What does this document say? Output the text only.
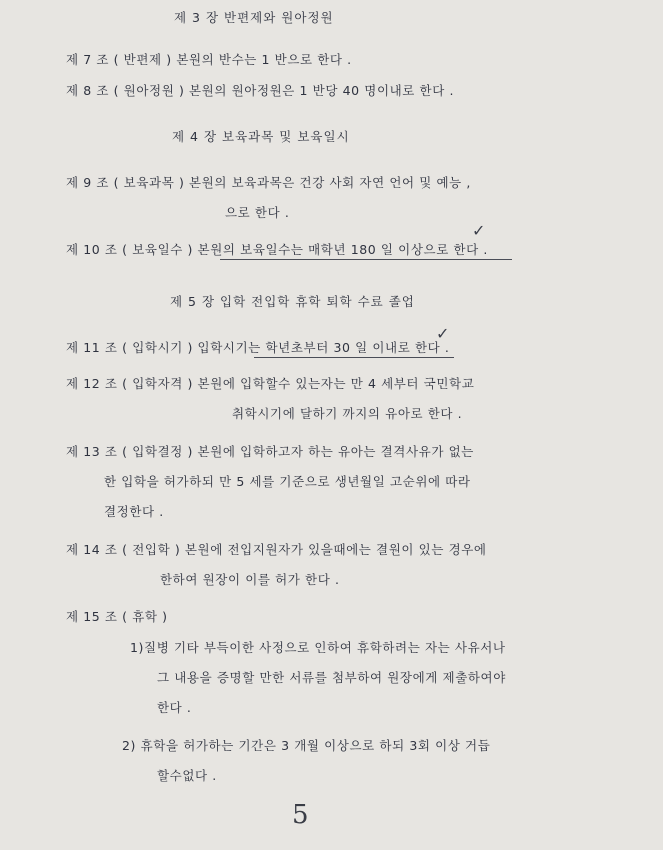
제 3 장 반편제와 원아정원
제 7 조 ( 반편제 ) 본원의 반수는 1 반으로 한다 .
제 8 조 ( 원아정원 ) 본원의 원아정원은 1 반당 40 명이내로 한다 .
제 4 장 보육과목 및 보육일시
제 9 조 ( 보육과목 ) 본원의 보육과목은 건강 사회 자연 언어 및 예능 ,
으로 한다 .
제 10 조 ( 보육일수 ) 본원의 보육일수는 매학년 180 일 이상으로 한다 .
✓
제 5 장 입학 전입학 휴학 퇴학 수료 졸업
제 11 조 ( 입학시기 ) 입학시기는 학년초부터 30 일 이내로 한다 .
✓
제 12 조 ( 입학자격 ) 본원에 입학할수 있는자는 만 4 세부터 국민학교
취학시기에 달하기 까지의 유아로 한다 .
제 13 조 ( 입학결정 ) 본원에 입학하고자 하는 유아는 결격사유가 없는
한 입학을 허가하되 만 5 세를 기준으로 생년월일 고순위에 따라
결정한다 .
제 14 조 ( 전입학 ) 본원에 전입지원자가 있을때에는 결원이 있는 경우에
한하여 원장이 이를 허가 한다 .
제 15 조 ( 휴학 )
1)질병 기타 부득이한 사정으로 인하여 휴학하려는 자는 사유서나
그 내용을 증명할 만한 서류를 첨부하여 원장에게 제출하여야
한다 .
2) 휴학을 허가하는 기간은 3 개월 이상으로 하되 3회 이상 거듭
할수없다 .
5
